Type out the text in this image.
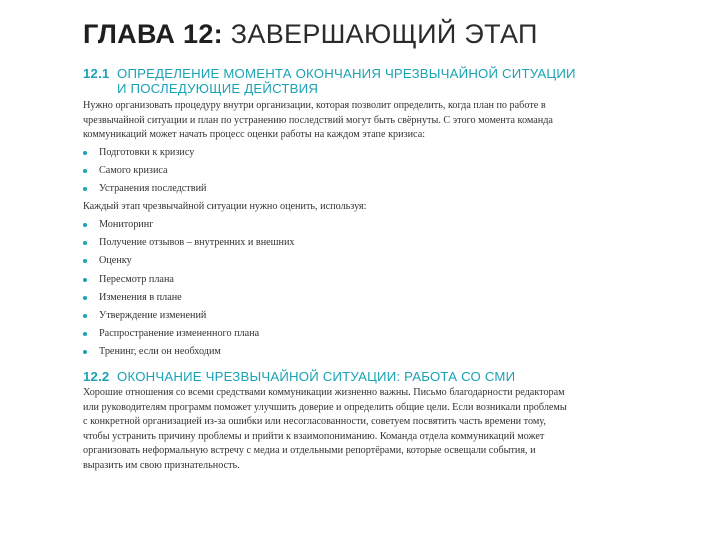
ГЛАВА 12: ЗАВЕРШАЮЩИЙ ЭТАП
12.1 ОПРЕДЕЛЕНИЕ МОМЕНТА ОКОНЧАНИЯ ЧРЕЗВЫЧАЙНОЙ СИТУАЦИИ
И ПОСЛЕДУЮЩИЕ ДЕЙСТВИЯ
Нужно организовать процедуру внутри организации, которая позволит определить, когда план по работе в
чрезвычайной ситуации и план по устранению последствий могут быть свёрнуты. С этого момента команда
коммуникаций может начать процесс оценки работы на каждом этапе кризиса:
Подготовки к кризису
Самого кризиса
Устранения последствий
Каждый этап чрезвычайной ситуации нужно оценить, используя:
Мониторинг
Получение отзывов – внутренних и внешних
Оценку
Пересмотр плана
Изменения в плане
Утверждение изменений
Распространение измененного плана
Тренинг, если он необходим
12.2 ОКОНЧАНИЕ ЧРЕЗВЫЧАЙНОЙ СИТУАЦИИ: РАБОТА СО СМИ
Хорошие отношения со всеми средствами коммуникации жизненно важны. Письмо благодарности редакторам
или руководителям программ поможет улучшить доверие и определить общие цели. Если возникали проблемы
с конкретной организацией из-за ошибки или несогласованности, советуем посвятить часть времени тому,
чтобы устранить причину проблемы и прийти к взаимопониманию. Команда отдела коммуникаций может
организовать неформальную встречу с медиа и отдельными репортёрами, которые освещали события, и
выразить им свою признательность.
